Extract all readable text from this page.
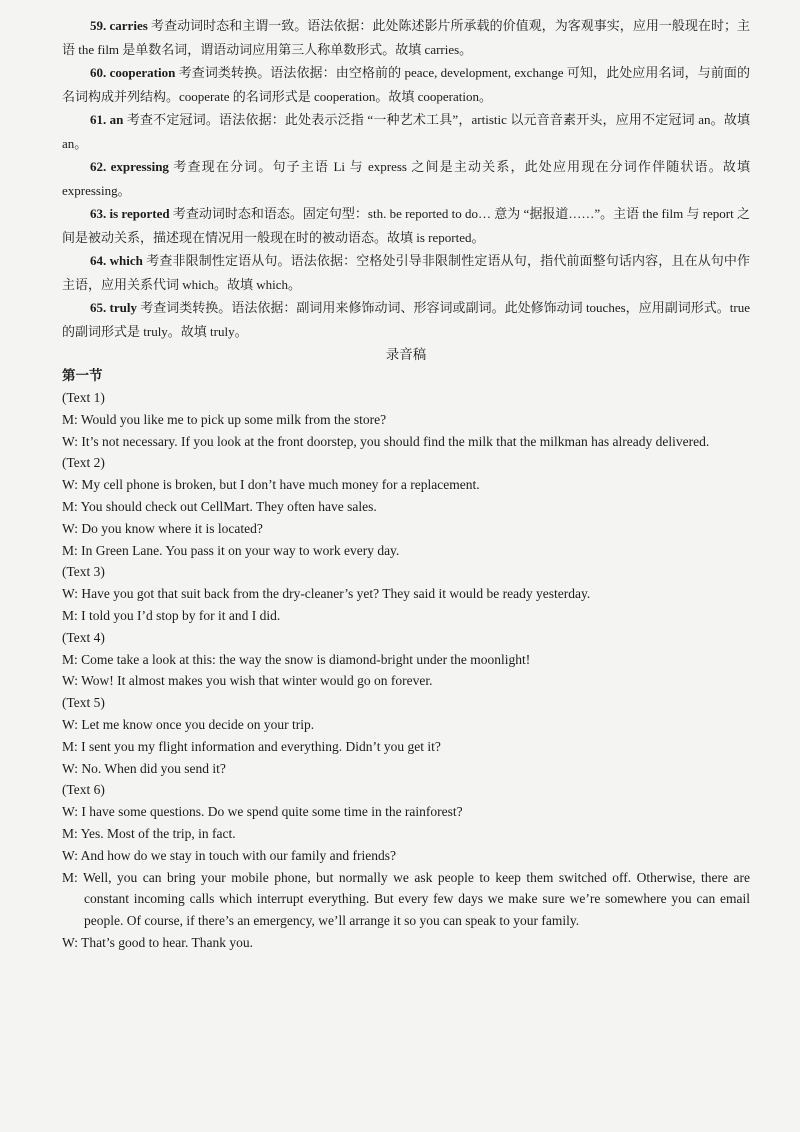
59. carries 考查动词时态和主谓一致。语法依据：此处陈述影片所承载的价值观，为客观事实，应用一般现在时；主语 the film 是单数名词，谓语动词应用第三人称单数形式。故填 carries。

60. cooperation 考查词类转换。语法依据：由空格前的 peace, development, exchange 可知，此处应用名词，与前面的名词构成并列结构。cooperate 的名词形式是 cooperation。故填 cooperation。

61. an 考查不定冠词。语法依据：此处表示泛指 “一种艺术工具”，artistic 以元音音素开头，应用不定冠词 an。故填 an。

62. expressing 考查现在分词。句子主语 Li 与 express 之间是主动关系，此处应用现在分词作伴随状语。故填 expressing。

63. is reported 考查动词时态和语态。固定句型：sth. be reported to do… 意为 “据报道……”。主语 the film 与 report 之间是被动关系，描述现在情况用一般现在时的被动语态。故填 is reported。

64. which 考查非限制性定语从句。语法依据：空格处引导非限制性定语从句，指代前面整句话内容，且在从句中作主语，应用关系代词 which。故填 which。

65. truly 考查词类转换。语法依据：副词用来修饰动词、形容词或副词。此处修饰动词 touches，应用副词形式。true 的副词形式是 truly。故填 truly。

录音稿
第一节

(Text 1)

M: Would you like me to pick up some milk from the store?

W: It’s not necessary. If you look at the front doorstep, you should find the milk that the milkman has already delivered.

(Text 2)

W: My cell phone is broken, but I don’t have much money for a replacement.

M: You should check out CellMart. They often have sales.

W: Do you know where it is located?

M: In Green Lane. You pass it on your way to work every day.

(Text 3)

W: Have you got that suit back from the dry-cleaner’s yet? They said it would be ready yesterday.

M: I told you I’d stop by for it and I did.

(Text 4)

M: Come take a look at this: the way the snow is diamond-bright under the moonlight!

W: Wow! It almost makes you wish that winter would go on forever.

(Text 5)

W: Let me know once you decide on your trip.

M: I sent you my flight information and everything. Didn’t you get it?

W: No. When did you send it?

(Text 6)

W: I have some questions. Do we spend quite some time in the rainforest?

M: Yes. Most of the trip, in fact.

W: And how do we stay in touch with our family and friends?

M: Well, you can bring your mobile phone, but normally we ask people to keep them switched off. Otherwise, there are constant incoming calls which interrupt everything. But every few days we make sure we’re somewhere you can email people. Of course, if there’s an emergency, we’ll arrange it so you can speak to your family.

W: That’s good to hear. Thank you.
